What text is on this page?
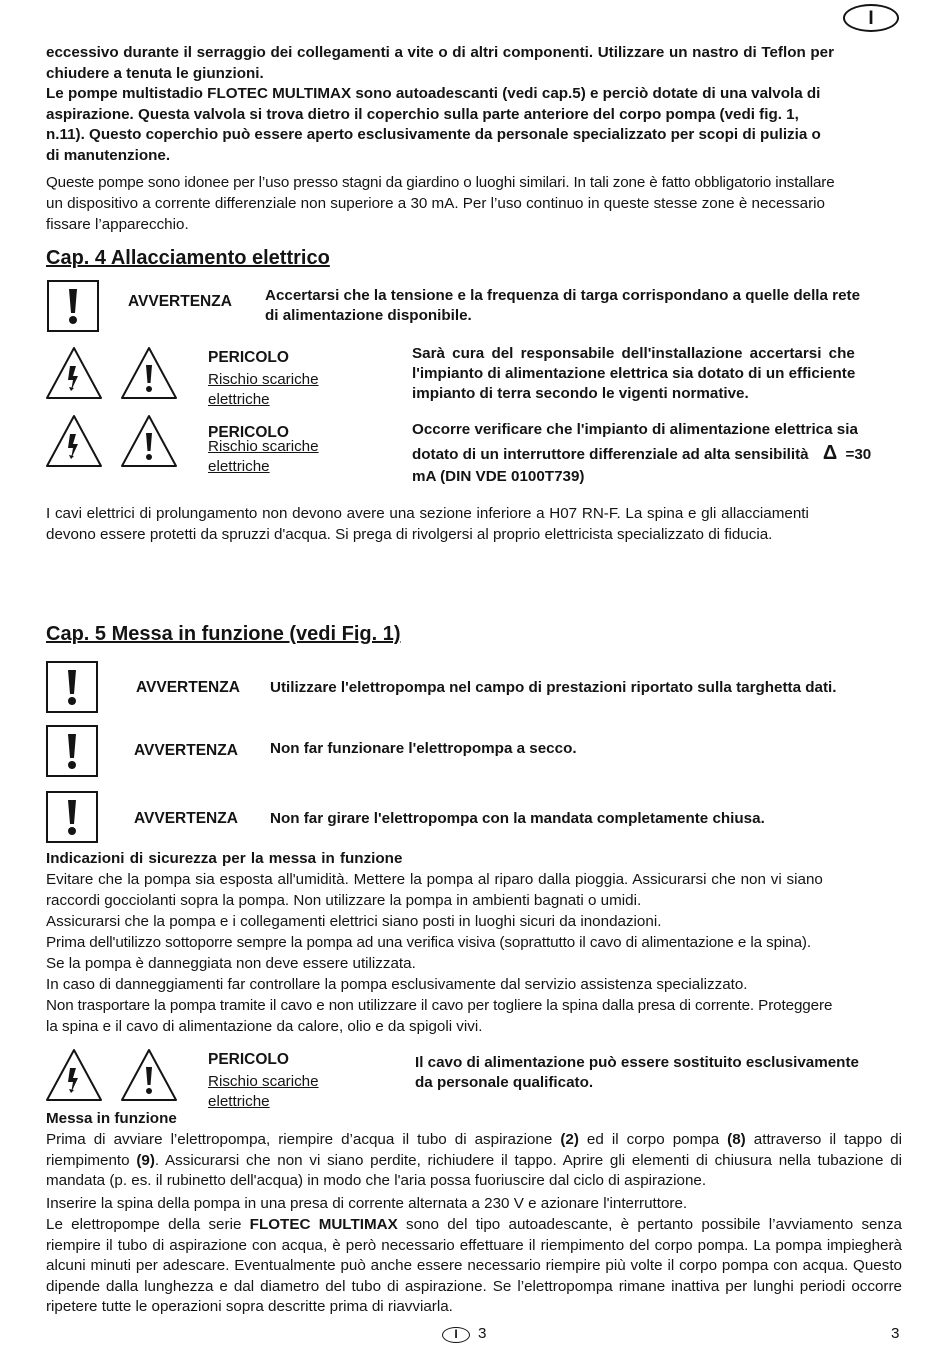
I
eccessivo durante il serraggio dei collegamenti a vite o di altri componenti. Utilizzare un nastro di Teflon per
chiudere a tenuta le giunzioni.
Le pompe multistadio FLOTEC MULTIMAX sono autoadescanti (vedi cap.5) e perciò dotate di una valvola di
aspirazione. Questa valvola si trova dietro il coperchio sulla parte anteriore del corpo pompa (vedi fig. 1,
n.11). Questo coperchio può essere aperto esclusivamente da personale specializzato per scopi di pulizia o
di manutenzione.
Queste pompe sono idonee per l’uso presso stagni da giardino o luoghi similari. In tali zone è fatto obbligatorio installare
un dispositivo a corrente differenziale non superiore a 30 mA. Per l’uso continuo in queste stesse zone è necessario
fissare l’apparecchio.
Cap. 4 Allacciamento elettrico
AVVERTENZA Accertarsi che la tensione e la frequenza di targa corrispondano a quelle della rete
di alimentazione disponibile.
PERICOLO
Rischio scariche
elettriche
PERICOLO
Rischio scariche
elettriche
Sarà cura del responsabile dell'installazione accertarsi che
l'impianto di alimentazione elettrica sia dotato di un efficiente
impianto di terra secondo le vigenti normative.
Occorre verificare che l'impianto di alimentazione elettrica sia
dotato di un interruttore differenziale ad alta sensibilità Δ =30
mA (DIN VDE 0100T739)
I cavi elettrici di prolungamento non devono avere una sezione inferiore a H07 RN-F. La spina e gli allacciamenti
devono essere protetti da spruzzi d'acqua. Si prega di rivolgersi al proprio elettricista specializzato di fiducia.
Cap. 5 Messa in funzione (vedi Fig. 1)
AVVERTENZA Utilizzare l'elettropompa nel campo di prestazioni riportato sulla targhetta dati.
AVVERTENZA Non far funzionare l'elettropompa a secco.
AVVERTENZA Non far girare l'elettropompa con la mandata completamente chiusa.
Indicazioni di sicurezza per la messa in funzione
Evitare che la pompa sia esposta all'umidità. Mettere la pompa al riparo dalla pioggia. Assicurarsi che non vi siano
raccordi gocciolanti sopra la pompa. Non utilizzare la pompa in ambienti bagnati o umidi.
Assicurarsi che la pompa e i collegamenti elettrici siano posti in luoghi sicuri da inondazioni.
Prima dell'utilizzo sottoporre sempre la pompa ad una verifica visiva (soprattutto il cavo di alimentazione e la spina).
Se la pompa è danneggiata non deve essere utilizzata.
In caso di danneggiamenti far controllare la pompa esclusivamente dal servizio assistenza specializzato.
Non trasportare la pompa tramite il cavo e non utilizzare il cavo per togliere la spina dalla presa di corrente. Proteggere
la spina e il cavo di alimentazione da calore, olio e da spigoli vivi.
PERICOLO
Rischio scariche
elettriche
Il cavo di alimentazione può essere sostituito esclusivamente
da personale qualificato.
Messa in funzione

Prima di avviare l’elettropompa, riempire d’acqua il tubo di aspirazione (2) ed il corpo pompa (8) attraverso il tappo di riempimento (9). Assicurarsi che non vi siano perdite, richiudere il tappo. Aprire gli elementi di chiusura nella tubazione di mandata (p. es. il rubinetto dell'acqua) in modo che l'aria possa fuoriuscire dal ciclo di aspirazione.

Inserire la spina della pompa in una presa di corrente alternata a 230 V e azionare l'interruttore.

Le elettropompe della serie FLOTEC MULTIMAX sono del tipo autoadescante, è pertanto possibile l’avviamento senza riempire il tubo di aspirazione con acqua, è però necessario effettuare il riempimento del corpo pompa. La pompa impiegherà alcuni minuti per adescare. Eventualmente può anche essere necessario riempire più volte il corpo pompa con acqua. Questo dipende dalla lunghezza e dal diametro del tubo di aspirazione. Se l’elettropompa rimane inattiva per lunghi periodi occorre ripetere tutte le operazioni sopra descritte prima di riavviarla.

I	3	3
